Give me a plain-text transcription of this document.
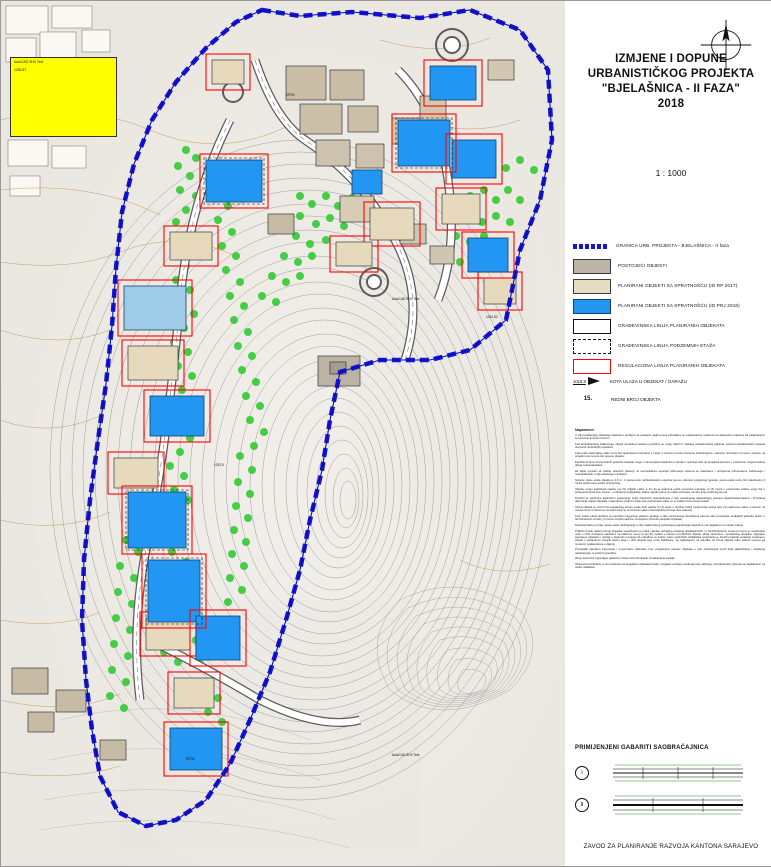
EPDS
AutoCAD SHX Text
1020,50
AutoCAD SHX Text
EPDS
1022,5
AutoCAD SHX Text
1283,87
IZMJENE I DOPUNE
URBANISTIČKOG PROJEKTA
"BJELAŠNICA - II FAZA"
2018
1 : 1000
GRANICA URB. PROJEKTA - BJELAŠNICA - II faza
POSTOJEĆI OBJEKTI
PLANIRANI OBJEKTI SA SPRATNOŠĆU (ID RP 2017)
PLANIRANI OBJEKTI SA SPRATNOŠĆU (ID PRJ 2018)
GRAĐEVINSKA LINIJA PLANIRANIH OBJEKATA
GRAĐEVINSKA LINIJA PODZEMNIH ETAŽA
REGULACIONA LINIJA PLANIRANIH OBJEKATA
1019.8	KOTA ULAZA U OBJEKAT / GARAŽU
15.	REDNI BROJ OBJEKTA
Napomene:

U cilju kvalitetnijeg uklapanja objekata u ambijent na postojeći nagib terena prihvatljivo su nadomaknute spratnost sa istaknutim terasama i/ili nadgradnjom su ispravne ili kosim krovom.

Kod arhitektonskog oblikovanja, objekti predloženi tekstom poprilično se mogu izlaziti iz zadatog arhitektonskog gabarita, odnosno karakteristični projekat otvorenih unutrašnjih prijedlozu.

Kota poda zadovoljuje etaže mora biti ujednačena minimalno 1 metar u odnosu na kotu pristupne saobraćajnice, odnosno minimalno 3 metra u odnosu na projektu kotu terena uliv upuene objekta.

Predloženi tipovi horizontalnih gabarita objekata mogu u dimenzijama dijelimično varirati u cjelokupnosti od projekata planova u prostornim mogućnostima datog nekretatanalaza.

Za dijelu projekti od viskoju dostunih (časovi) ne komunikativa mjestnja informacije sistema se adekvatno i primjerena prihvatnavne zahtievanje i materijalizaciju u cilju uklapanja u ambijent.

Spratne visine etaže objekta je 2,8 m. U savremenim arhitektonskim uvjetima terena, odnosno projektnog rješenja, petna etaža može biti maksimalno 4 metra (podzemna sudiće pristupnica).

Objekte mogu sadržavati najviše pet (5) vidljivih etaža, a tim da je svakoma etaža povučena najmanje tri (3) metra u podrumsko etažne mogu biti u potpunosti ispod kote terena - u određeno podgradnja vidljive najviše jedna (1) etaža uzduvave na niže kote uređenog terena.

Pomični je zanimelni dijelimično poslenjenje kvasi planiranih saobraćajnica u cilju ostvarivanja adekvatnijeg pristupa objektima/parcelama i formiranja dispozicije objekt objekata i materialnim podjuzni bolje kotu podrumskoi etaže se to stabile forma sutereneskih.

Visina objekta se izriči krovi pasdaniteg terena svake kolš najviše ih (3) etaže u obzdoo zadnji mogućnosti ovisna biće (4) nadzemne etaže s ovisnou na uvedeni teren (odnosi se na etažu koja ne se formirati nakon rekonstrukcij obzvoja ulice trakuse).

Kroz izradu plana javidimo ja namnicki mogućnost prilazne gradnje u cilju ravnomjeneg iskorištenja parcele tako povećanja vertikalnih gabarita (tešto, u horizontalnom smislu), pri čemu svojstvi sadrzce za dispoze (smerde cavijedili objekata).

Definisati kalne poznije i širine etaže odobijavanje u cilju maksimalnog posbiranja posjedovanja objektima i sa naglašeno na visoku zadnje.

Prilikom izrade radioh jednog objekata neaophodno je pratiti i dijeliee opcijskog uređenja objektisijuranih i u horiličodivanom svrstu pri tremu je neophodno uzeti u obzir postojeće sabiračne za elaborov vezej od pet (5) metara u odnosu na planirani objekat. Zbog nebetrstve i rerulacionje dodjeline najpoplse ispuniseni objektato i rekolat u dredenhi prevajuju ža odredbne se kojimu mano podrožjoh odobljaska rerapirasku je dredih projektat vanjskog uređenja u skladu s posljednom potopili starnu stepu i doći objekta koje neže stabilizace, sa nagledanom na odredbe od fronta objekta odlur ostane remena ga moderniz opakletskova u dijamiji.

Prenajtaliti planskeu zacenivaju i ueventuaino definisati nove projektujuće pareele objekata u cilju ostvarivanja novih linija gabaritiskog i dodatnog nasdiravanja, te arebnih pravdilne.

Zbog ostvivnost (ugovoljuju gabaritni pristup kod prihvatanju za adekvatne kanalje.

Obavezna kombiliciar je ski posdodnu sa projektimu objekata iznade i projekat uvozjelju uredienje koje uključuje i komilizaciohin rješenja sa naglašekom na osobe stabiliska.

PRIMIJENJENI GABARITI SAOBRAĆAJNICA
I
II
ZAVOD ZA PLANIRANJE RAZVOJA KANTONA SARAJEVO
